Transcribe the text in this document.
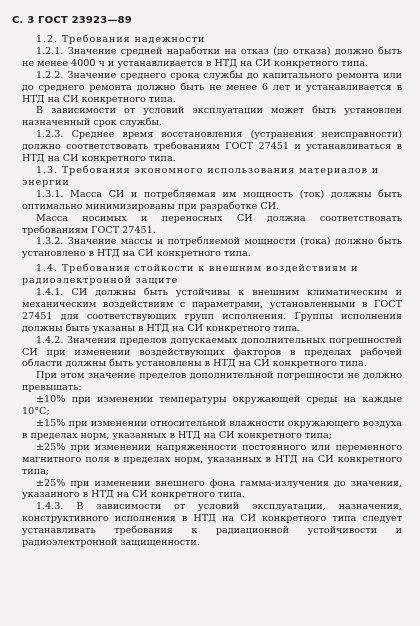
С. 3 ГОСТ 23923—89

1.2. Требования надежности

1.2.1. Значение средней наработки на отказ (до отказа) должно быть не менее 4000 ч и устанавливается в НТД на СИ конкретного типа.

1.2.2. Значение среднего срока службы до капитального ремонта или до среднего ремонта должно быть не менее 6 лет и устанавливается в НТД на СИ конкретного типа.

В зависимости от условий эксплуатации может быть установлен назначенный срок службы.

1.2.3. Среднее время восстановления (устранения неисправности) должно соответствовать требованиям ГОСТ 27451 и устанавливаться в НТД на СИ конкретного типа.

1.3. Требования экономного использования материалов и энергии

1.3.1. Масса СИ и потребляемая им мощность (ток) должны быть оптимально минимизированы при разработке СИ.

Масса носимых и переносных СИ должна соответствовать требованиям ГОСТ 27451.

1.3.2. Значение массы и потребляемой мощности (тока) должно быть установлено в НТД на СИ конкретного типа.

1.4. Требования стойкости к внешним воздействиям и радиоэлектронной защите

1.4.1. СИ должны быть устойчивы к внешним климатическим и механическим воздействиям с параметрами, установленными в ГОСТ 27451 для соответствующих групп исполнения. Группы исполнения должны быть указаны в НТД на СИ конкретного типа.

1.4.2. Значения пределов допускаемых дополнительных погрешностей СИ при изменении воздействующих факторов в пределах рабочей области должны быть установлены в НТД на СИ конкретного типа.

При этом значение пределов дополнительной погрешности не должно превышать:

±10% при изменении температуры окружающей среды на каждые 10°С;

±15% при изменении относительной влажности окружающего воздуха в пределах норм, указанных в НТД на СИ конкретного типа;

±25% при изменении напряженности постоянного или переменного магнитного поля в пределах норм, указанных в НТД на СИ конкретного типа;

±25% при изменении внешнего фона гамма-излучения до значения, указанного в НТД на СИ конкретного типа.

1.4.3. В зависимости от условий эксплуатации, назначения, конструктивного исполнения в НТД на СИ конкретного типа следует устанавливать требования к радиационной устойчивости и радиоэлектронной защищенности.
